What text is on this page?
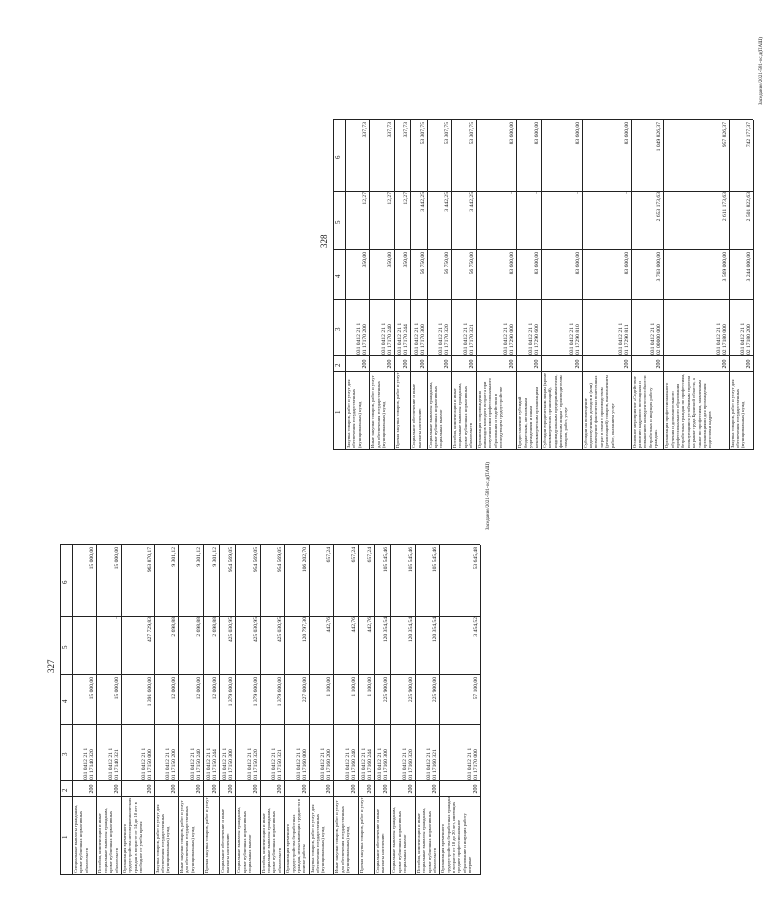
1
2
3
4
5
6
Специальные выплаты гражданам, кроме публичных нормативных обязательств
200
031 0412 21 1
01 17140 320
15 000,00
15 000,00
Пособия, компенсации и иные социальные выплаты гражданам, кроме публичных нормативных обязательств
200
031 0412 21 1
01 17140 321
15 000,00
-
15 000,00
Организация временного трудоустройства несовершеннолетних граждан в возрасте от 14 до 18 лет в свободное от учебы время
200
031 0412 21 1
01 17150 000
1 391 600,00
427 729,83
963 870,17
Закупка товаров, работ и услуг для обеспечения государственных (муниципальных) нужд
200
031 0412 21 1
01 17150 200
12 000,00
2 698,88
9 301,12
Иные закупки товаров, работ и услуг для обеспечения государственных (муниципальных) нужд
200
031 0412 21 1
01 17150 240
12 000,00
2 698,88
9 301,12
Прочая закупка товаров, работ и услуг
200
031 0412 21 1
01 17150 244
12 000,00
2 698,88
9 301,12
Социальное обеспечение и иные выплаты населению
200
031 0412 21 1
01 17150 300
1 379 600,00
425 030,95
954 569,05
Социальные выплаты гражданам, кроме публичных нормативных социальных выплат
200
031 0412 21 1
01 17150 320
1 379 600,00
425 030,95
954 569,05
Пособия, компенсации и иные социальные выплаты гражданам, кроме публичных нормативных обязательств
200
031 0412 21 1
01 17150 321
1 379 600,00
425 030,95
954 569,05
Организация временного трудоустройства безработных граждан, испытывающих трудности в поиске работы
200
031 0412 21 1
01 17160 000
227 000,00
120 797,30
106 202,70
Закупка товаров, работ и услуг для обеспечения государственных (муниципальных) нужд
200
031 0412 21 1
01 17160 200
1 100,00
442,76
657,24
Иные закупки товаров, работ и услуг для обеспечения государственных (муниципальных) нужд
200
031 0412 21 1
01 17160 240
1 100,00
442,76
657,24
Прочая закупка товаров, работ и услуг
200
031 0412 21 1
01 17160 244
1 100,00
442,76
657,24
Социальное обеспечение и иные выплаты населению
200
031 0412 21 1
01 17160 300
225 900,00
120 354,54
105 545,46
Социальные выплаты гражданам, кроме публичных нормативных социальных выплат
200
031 0412 21 1
01 17160 320
225 900,00
120 354,54
105 545,46
Пособия, компенсации и иные социальные выплаты гражданам, кроме публичных нормативных обязательств
200
031 0412 21 1
01 17160 321
225 900,00
120 354,54
105 545,46
Организация временного трудоустройства безработных граждан в возрасте от 18 до 20 лет, имеющих среднее профессиональное образование и ищущих работу впервые
200
031 0412 21 1
01 17170 000
57 100,00
3 454,52
53 645,48
327
Заседание/2021-581-ос.д(ПАШ)
1
2
3
4
5
6
Закупка товаров, работ и услуг для обеспечения государственных (муниципальных) нужд
200
031 0412 21 1
01 17170 200
350,00
12,27
337,73
Иные закупки товаров, работ и услуг для обеспечения государственных (муниципальных) нужд
200
031 0412 21 1
01 17170 240
350,00
12,27
337,73
Прочая закупка товаров, работ и услуг
200
031 0412 21 1
01 17170 244
350,00
12,27
337,73
Социальное обеспечение и иные выплаты населению
200
031 0412 21 1
01 17170 300
56 750,00
3 442,25
53 307,75
Социальные выплаты гражданам, кроме публичных нормативных социальных выплат
200
031 0412 21 1
01 17170 320
56 750,00
3 442,25
53 307,75
Пособия, компенсации и иные социальные выплаты гражданам, кроме публичных нормативных обязательств
200
031 0412 21 1
01 17170 321
56 750,00
3 442,25
53 307,75
Организация сопровождения инвалидов молодого возраста при получении ими профессионального образования и содействия в последующем трудоустройстве
200
031 0412 21 1
01 17290 000
83 600,00
-
83 600,00
Предоставление субсидий бюджетным, автономным учреждениям и иным некоммерческим организациям
200
031 0412 21 1
01 17290 600
83 600,00
-
83 600,00
Субсидии юридическим лицам (кроме некоммерческих организаций), индивидуальным предпринимателям, физическим лицам - производителям товаров, работ, услуг
200
031 0412 21 1
01 17290 810
83 600,00
-
83 600,00
Субсидии на возмещение недополученных доходов и (или) возмещение фактически понесенных затрат в связи с производством (реализацией) товаров, выполнением работ, оказанием услуг
200
031 0412 21 1
01 17290 811
83 600,00
-
83 600,00
Основное мероприятие «Содействие развитию кадрового потенциала и повышению конкурентоспособности безработных и ищущих работу граждан»
200
031 0412 21 1
02 00000 000
3 703 000,00
2 653 173,63
1 049 826,37
Организация профессионального обучения и дополнительного профессионального образования безработных граждан по профессиям, пользующимся устойчивым спросом на рынке труда Брянской области, а также по профессиям, заявленным организациями для прохождения подготовки кадров
200
031 0412 21 1
02 17180 000
3 569 000,00
2 611 173,63
957 826,37
Закупка товаров, работ и услуг для обеспечения государственных (муниципальных) нужд
200
031 0412 21 1
02 17180 200
3 244 000,00
2 501 822,63
742 177,37
328
Заседание/2021-581-ос.д(ПАШ)
